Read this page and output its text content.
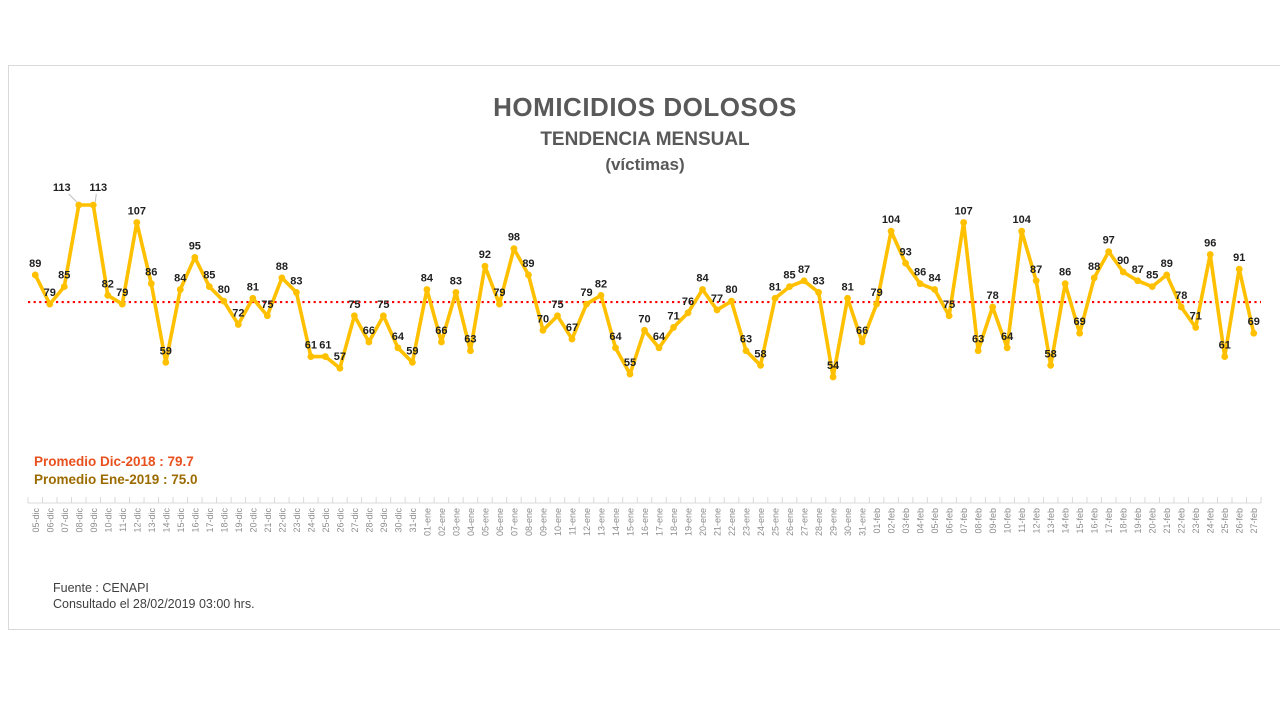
HOMICIDIOS DOLOSOS
TENDENCIA MENSUAL
(víctimas)
Promedio Dic-2018 : 79.7
Promedio Ene-2019 : 75.0
Fuente : CENAPI
Consultado el 28/02/2019 03:00 hrs.
05-dic 06-dic 07-dic 08-dic 09-dic 10-dic 11-dic 12-dic 13-dic 14-dic 15-dic 16-dic 17-dic 18-dic 19-dic 20-dic 21-dic 22-dic 23-dic 24-dic 25-dic 26-dic 27-dic 28-dic 29-dic 30-dic 31-dic 01-ene 02-ene 03-ene 04-ene 05-ene 06-ene 07-ene 08-ene 09-ene 10-ene 11-ene 12-ene 13-ene 14-ene 15-ene 16-ene 17-ene 18-ene 19-ene 20-ene 21-ene 22-ene 23-ene 24-ene 25-ene 26-ene 27-ene 28-ene 29-ene 30-ene 31-ene 01-feb 02-feb 03-feb 04-feb 05-feb 06-feb 07-feb 08-feb 09-feb 10-feb 11-feb 12-feb 13-feb 14-feb 15-feb 16-feb 17-feb 18-feb 19-feb 20-feb 21-feb 22-feb 23-feb 24-feb 25-feb 26-feb 27-feb
89
79
85
113 113
82
79
107
86
59
84
95
85
80
72
81
75
88
83
61 61
57
75
66
75
64
59
84
66
83
63
92
79
98
89
70
75
67
79
82
64
55
70
64
71
76
84
77
80
63
58
81
85 87
83
54
81
66
79
104
93
86 84
75
107
63
78
64
104
87
58
86
69
88
97
90
87 85
89
78
71
96
61
91
69
